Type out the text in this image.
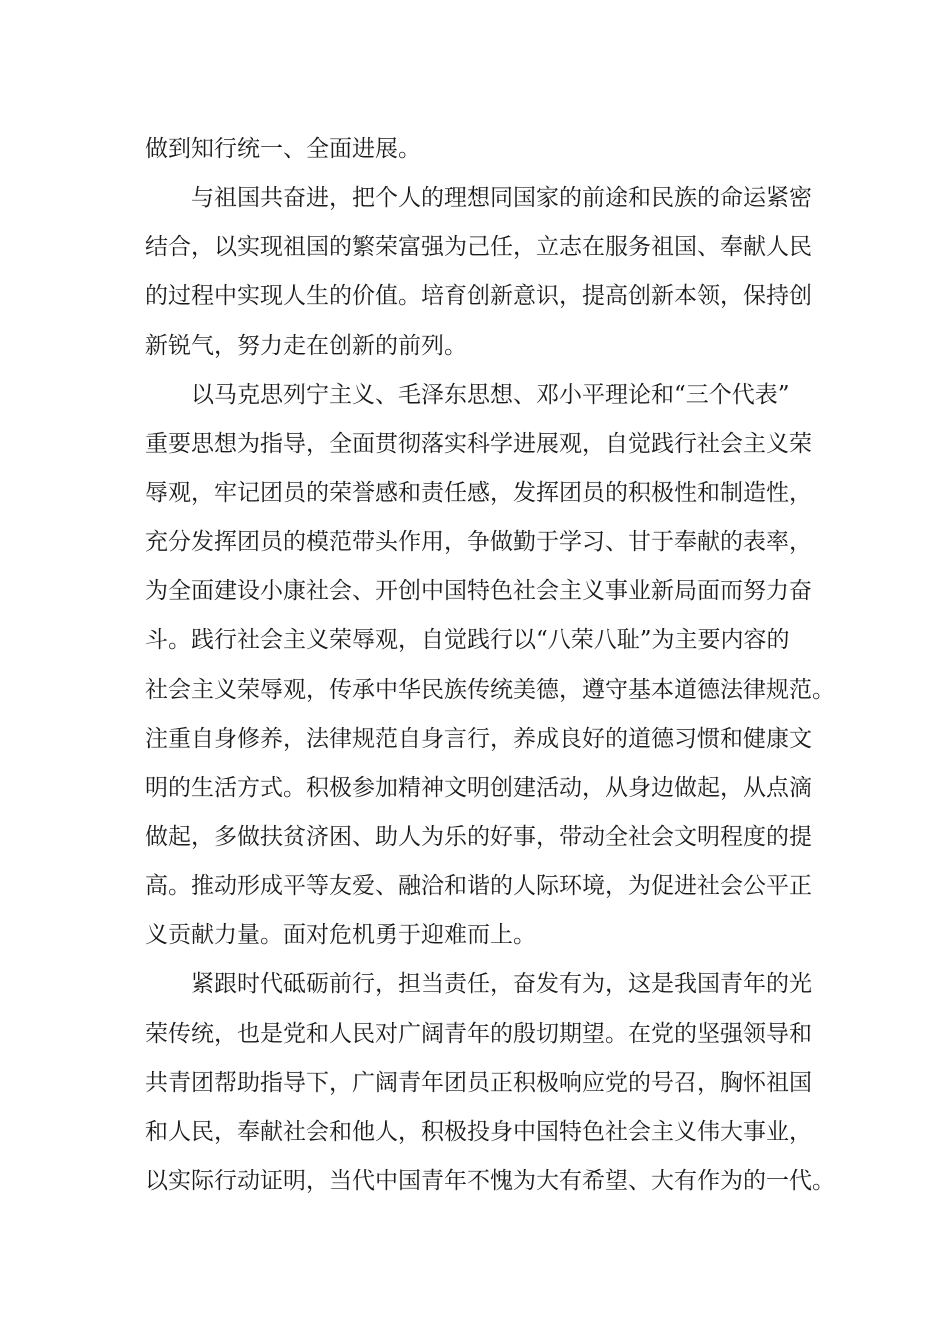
做到知行统一、全面进展。
与祖国共奋进，把个人的理想同国家的前途和民族的命运紧密
结合，以实现祖国的繁荣富强为己任，立志在服务祖国、奉献人民
的过程中实现人生的价值。培育创新意识，提高创新本领，保持创
新锐气，努力走在创新的前列。
以马克思列宁主义、毛泽东思想、邓小平理论和“三个代表”
重要思想为指导，全面贯彻落实科学进展观，自觉践行社会主义荣
辱观，牢记团员的荣誉感和责任感，发挥团员的积极性和制造性，
充分发挥团员的模范带头作用，争做勤于学习、甘于奉献的表率，
为全面建设小康社会、开创中国特色社会主义事业新局面而努力奋
斗。践行社会主义荣辱观，自觉践行以“八荣八耻”为主要内容的
社会主义荣辱观，传承中华民族传统美德，遵守基本道德法律规范。
注重自身修养，法律规范自身言行，养成良好的道德习惯和健康文
明的生活方式。积极参加精神文明创建活动，从身边做起，从点滴
做起，多做扶贫济困、助人为乐的好事，带动全社会文明程度的提
高。推动形成平等友爱、融洽和谐的人际环境，为促进社会公平正
义贡献力量。面对危机勇于迎难而上。
紧跟时代砥砺前行，担当责任，奋发有为，这是我国青年的光
荣传统，也是党和人民对广阔青年的殷切期望。在党的坚强领导和
共青团帮助指导下，广阔青年团员正积极响应党的号召，胸怀祖国
和人民，奉献社会和他人，积极投身中国特色社会主义伟大事业，
以实际行动证明，当代中国青年不愧为大有希望、大有作为的一代。
